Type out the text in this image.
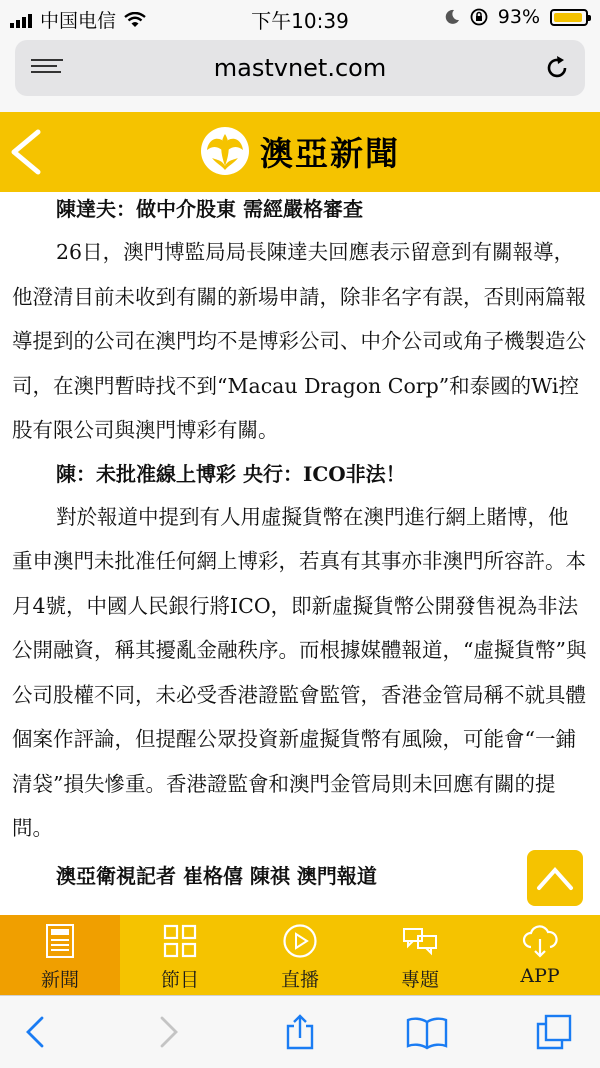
中国电信	下午10:39	93%
mastvnet.com
澳亞新聞

陳達夫：做中介股東 需經嚴格審查

26日，澳門博監局局長陳達夫回應表示留意到有關報導，他澄清目前未收到有關的新場申請，除非名字有誤，否則兩篇報導提到的公司在澳門均不是博彩公司、中介公司或角子機製造公司，在澳門暫時找不到“Macau Dragon Corp”和泰國的Wi控股有限公司與澳門博彩有關。

陳：未批准線上博彩 央行：ICO非法！

對於報道中提到有人用虛擬貨幣在澳門進行網上賭博，他重申澳門未批准任何網上博彩，若真有其事亦非澳門所容許。本月4號，中國人民銀行將ICO，即新虛擬貨幣公開發售視為非法公開融資，稱其擾亂金融秩序。而根據媒體報道，“虛擬貨幣”與公司股權不同，未必受香港證監會監管，香港金管局稱不就具體個案作評論，但提醒公眾投資新虛擬貨幣有風險，可能會“一鋪清袋”損失慘重。香港證監會和澳門金管局則未回應有關的提問。

澳亞衛視記者 崔格僖 陳祺 澳門報道

新聞	節目	直播	專題	APP
